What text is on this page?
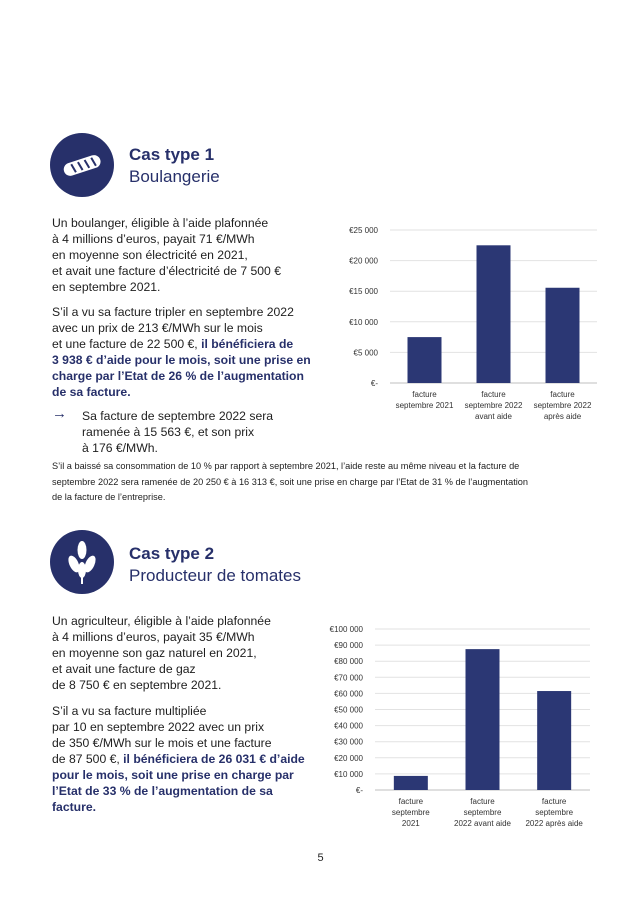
Cas type 1
Boulangerie

Un boulanger, éligible à l’aide plafonnée
à 4 millions d’euros, payait 71 €/MWh
en moyenne son électricité en 2021,
et avait une facture d’électricité de 7 500 €
en septembre 2021.

S’il a vu sa facture tripler en septembre 2022
avec un prix de 213 €/MWh sur le mois
et une facture de 22 500 €, il bénéficiera de
3 938 € d’aide pour le mois, soit une prise en
charge par l’Etat de 26 % de l’augmentation
de sa facture.

→ Sa facture de septembre 2022 sera
ramenée à 15 563 €, et son prix
à 176 €/MWh.

€-
€5 000
€10 000
€15 000
€20 000
€25 000
facture septembre 2021
facture septembre 2022 avant aide
facture septembre 2022 après aide

S’il a baissé sa consommation de 10 % par rapport à septembre 2021, l’aide reste au même niveau et la facture de
septembre 2022 sera ramenée de 20 250 € à 16 313 €, soit une prise en charge par l’Etat de 31 % de l’augmentation
de la facture de l’entreprise.

Cas type 2
Producteur de tomates

Un agriculteur, éligible à l’aide plafonnée
à 4 millions d’euros, payait 35 €/MWh
en moyenne son gaz naturel en 2021,
et avait une facture de gaz
de 8 750 € en septembre 2021.

S’il a vu sa facture multipliée
par 10 en septembre 2022 avec un prix
de 350 €/MWh sur le mois et une facture
de 87 500 €, il bénéficiera de 26 031 € d’aide
pour le mois, soit une prise en charge par
l’Etat de 33 % de l’augmentation de sa
facture.

€-
€10 000
€20 000
€30 000
€40 000
€50 000
€60 000
€70 000
€80 000
€90 000
€100 000
facture septembre 2021
facture septembre 2022 avant aide
facture septembre 2022 après aide
5
